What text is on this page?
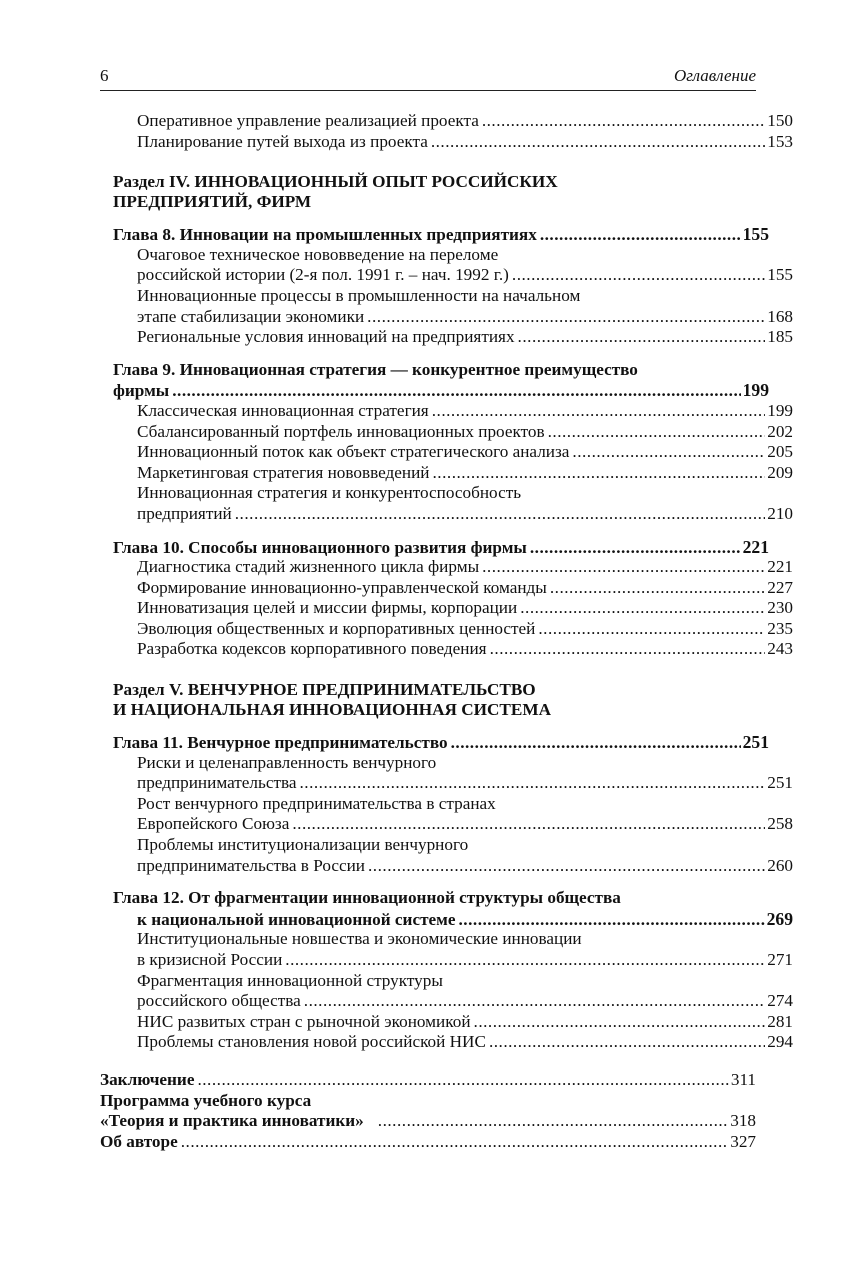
6	Оглавление
Оперативное управление реализацией проекта .....	150
Планирование путей выхода из проекта .....	153
Раздел IV. ИННОВАЦИОННЫЙ ОПЫТ РОССИЙСКИХ
ПРЕДПРИЯТИЙ, ФИРМ
Глава 8. Инновации на промышленных предприятиях .....	155
Очаговое техническое нововведение на переломе
российской истории (2-я пол. 1991 г. – нач. 1992 г.) .....	155
Инновационные процессы в промышленности на начальном
этапе стабилизации экономики .....	168
Региональные условия инноваций на предприятиях .....	185
Глава 9. Инновационная стратегия — конкурентное преимущество
фирмы .....	199
Классическая инновационная стратегия .....	199
Сбалансированный портфель инновационных проектов .....	202
Инновационный поток как объект стратегического анализа .....	205
Маркетинговая стратегия нововведений .....	209
Инновационная стратегия и конкурентоспособность
предприятий .....	210
Глава 10. Способы инновационного развития фирмы .....	221
Диагностика стадий жизненного цикла фирмы .....	221
Формирование инновационно-управленческой команды .....	227
Инноватизация целей и миссии фирмы, корпорации .....	230
Эволюция общественных и корпоративных ценностей .....	235
Разработка кодексов корпоративного поведения .....	243
Раздел V. ВЕНЧУРНОЕ ПРЕДПРИНИМАТЕЛЬСТВО
И НАЦИОНАЛЬНАЯ ИННОВАЦИОННАЯ СИСТЕМА
Глава 11. Венчурное предпринимательство .....	251
Риски и целенаправленность венчурного
предпринимательства .....	251
Рост венчурного предпринимательства в странах
Европейского Союза .....	258
Проблемы институционализации венчурного
предпринимательства в России .....	260
Глава 12. От фрагментации инновационной структуры общества
к национальной инновационной системе .....	269
Институциональные новшества и экономические инновации
в кризисной России .....	271
Фрагментация инновационной структуры
российского общества .....	274
НИС развитых стран с рыночной экономикой .....	281
Проблемы становления новой российской НИС .....	294
Заключение .....	311
Программа учебного курса
«Теория и практика инноватики» .....	318
Об авторе .....	327
